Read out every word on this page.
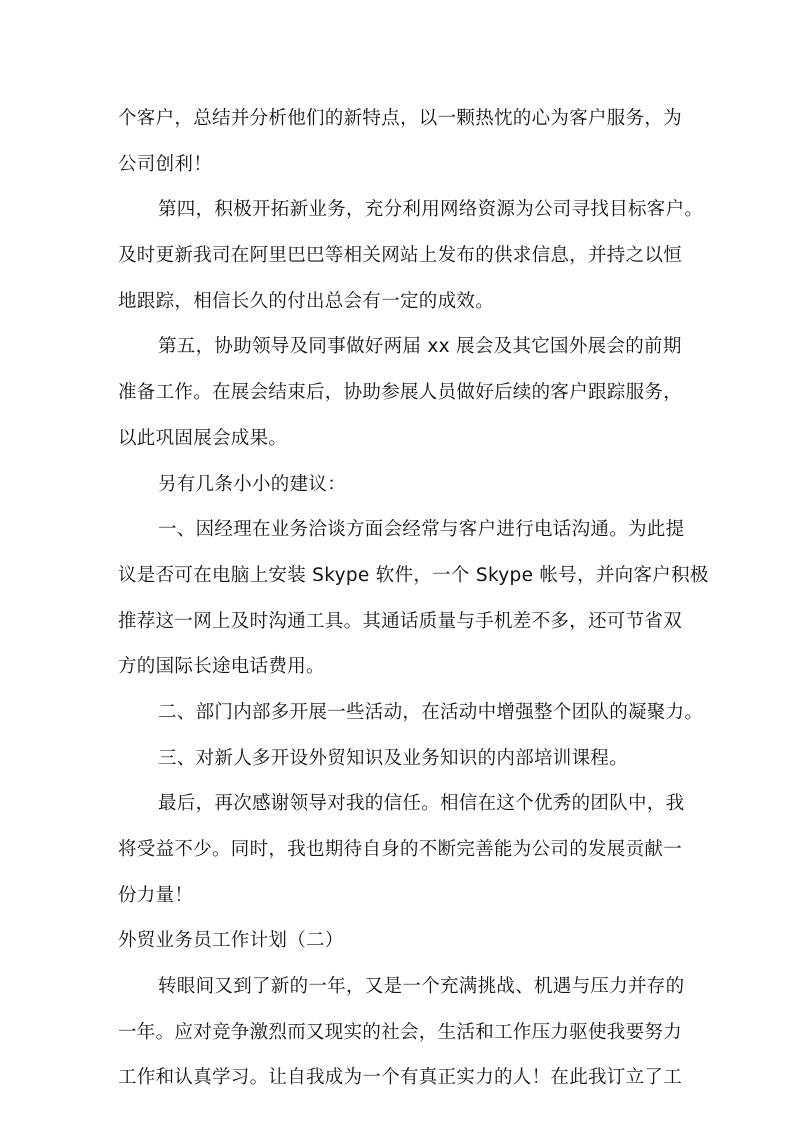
个客户，总结并分析他们的新特点，以一颗热忱的心为客户服务，为
公司创利！
第四，积极开拓新业务，充分利用网络资源为公司寻找目标客户。
及时更新我司在阿里巴巴等相关网站上发布的供求信息，并持之以恒
地跟踪，相信长久的付出总会有一定的成效。
第五，协助领导及同事做好两届 xx 展会及其它国外展会的前期
准备工作。在展会结束后，协助参展人员做好后续的客户跟踪服务，
以此巩固展会成果。
另有几条小小的建议：
一、因经理在业务洽谈方面会经常与客户进行电话沟通。为此提
议是否可在电脑上安装 Skype 软件，一个 Skype 帐号，并向客户积极
推荐这一网上及时沟通工具。其通话质量与手机差不多，还可节省双
方的国际长途电话费用。
二、部门内部多开展一些活动，在活动中增强整个团队的凝聚力。
三、对新人多开设外贸知识及业务知识的内部培训课程。
最后，再次感谢领导对我的信任。相信在这个优秀的团队中，我
将受益不少。同时，我也期待自身的不断完善能为公司的发展贡献一
份力量！
外贸业务员工作计划（二）
转眼间又到了新的一年，又是一个充满挑战、机遇与压力并存的
一年。应对竞争激烈而又现实的社会，生活和工作压力驱使我要努力
工作和认真学习。让自我成为一个有真正实力的人！在此我订立了工
